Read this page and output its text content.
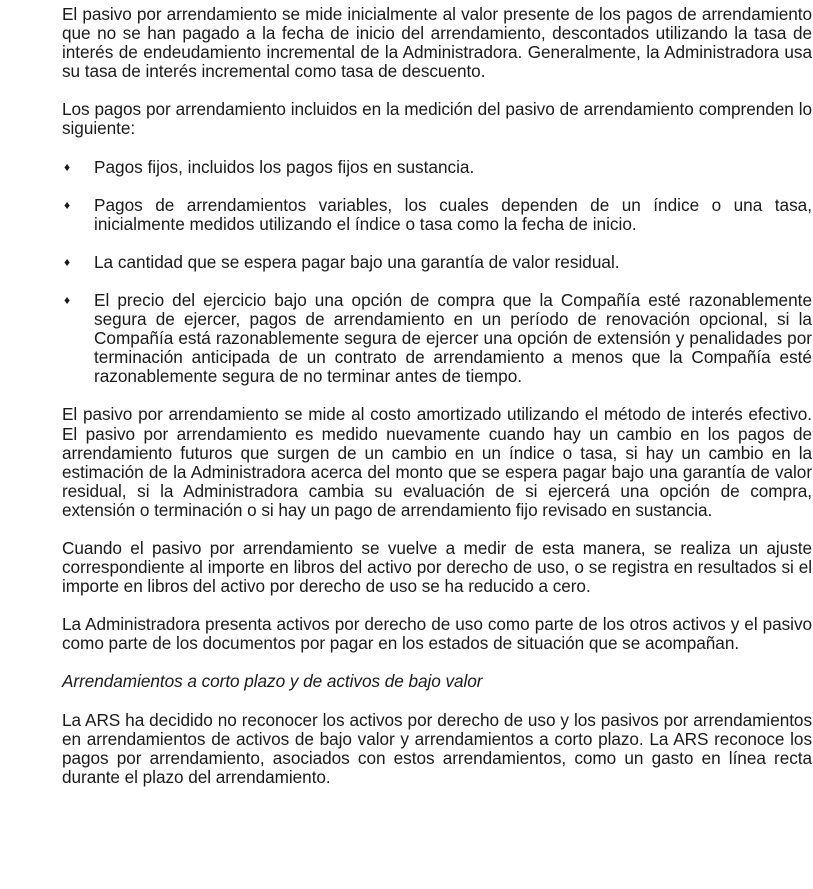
El pasivo por arrendamiento se mide inicialmente al valor presente de los pagos de arrendamiento que no se han pagado a la fecha de inicio del arrendamiento, descontados utilizando la tasa de interés de endeudamiento incremental de la Administradora. Generalmente, la Administradora usa su tasa de interés incremental como tasa de descuento.

Los pagos por arrendamiento incluidos en la medición del pasivo de arrendamiento comprenden lo siguiente:

♦ Pagos fijos, incluidos los pagos fijos en sustancia.
♦ Pagos de arrendamientos variables, los cuales dependen de un índice o una tasa, inicialmente medidos utilizando el índice o tasa como la fecha de inicio.
♦ La cantidad que se espera pagar bajo una garantía de valor residual.
♦ El precio del ejercicio bajo una opción de compra que la Compañía esté razonablemente segura de ejercer, pagos de arrendamiento en un período de renovación opcional, si la Compañía está razonablemente segura de ejercer una opción de extensión y penalidades por terminación anticipada de un contrato de arrendamiento a menos que la Compañía esté razonablemente segura de no terminar antes de tiempo.

El pasivo por arrendamiento se mide al costo amortizado utilizando el método de interés efectivo. El pasivo por arrendamiento es medido nuevamente cuando hay un cambio en los pagos de arrendamiento futuros que surgen de un cambio en un índice o tasa, si hay un cambio en la estimación de la Administradora acerca del monto que se espera pagar bajo una garantía de valor residual, si la Administradora cambia su evaluación de si ejercerá una opción de compra, extensión o terminación o si hay un pago de arrendamiento fijo revisado en sustancia.

Cuando el pasivo por arrendamiento se vuelve a medir de esta manera, se realiza un ajuste correspondiente al importe en libros del activo por derecho de uso, o se registra en resultados si el importe en libros del activo por derecho de uso se ha reducido a cero.

La Administradora presenta activos por derecho de uso como parte de los otros activos y el pasivo como parte de los documentos por pagar en los estados de situación que se acompañan.

Arrendamientos a corto plazo y de activos de bajo valor

La ARS ha decidido no reconocer los activos por derecho de uso y los pasivos por arrendamientos en arrendamientos de activos de bajo valor y arrendamientos a corto plazo. La ARS reconoce los pagos por arrendamiento, asociados con estos arrendamientos, como un gasto en línea recta durante el plazo del arrendamiento.
